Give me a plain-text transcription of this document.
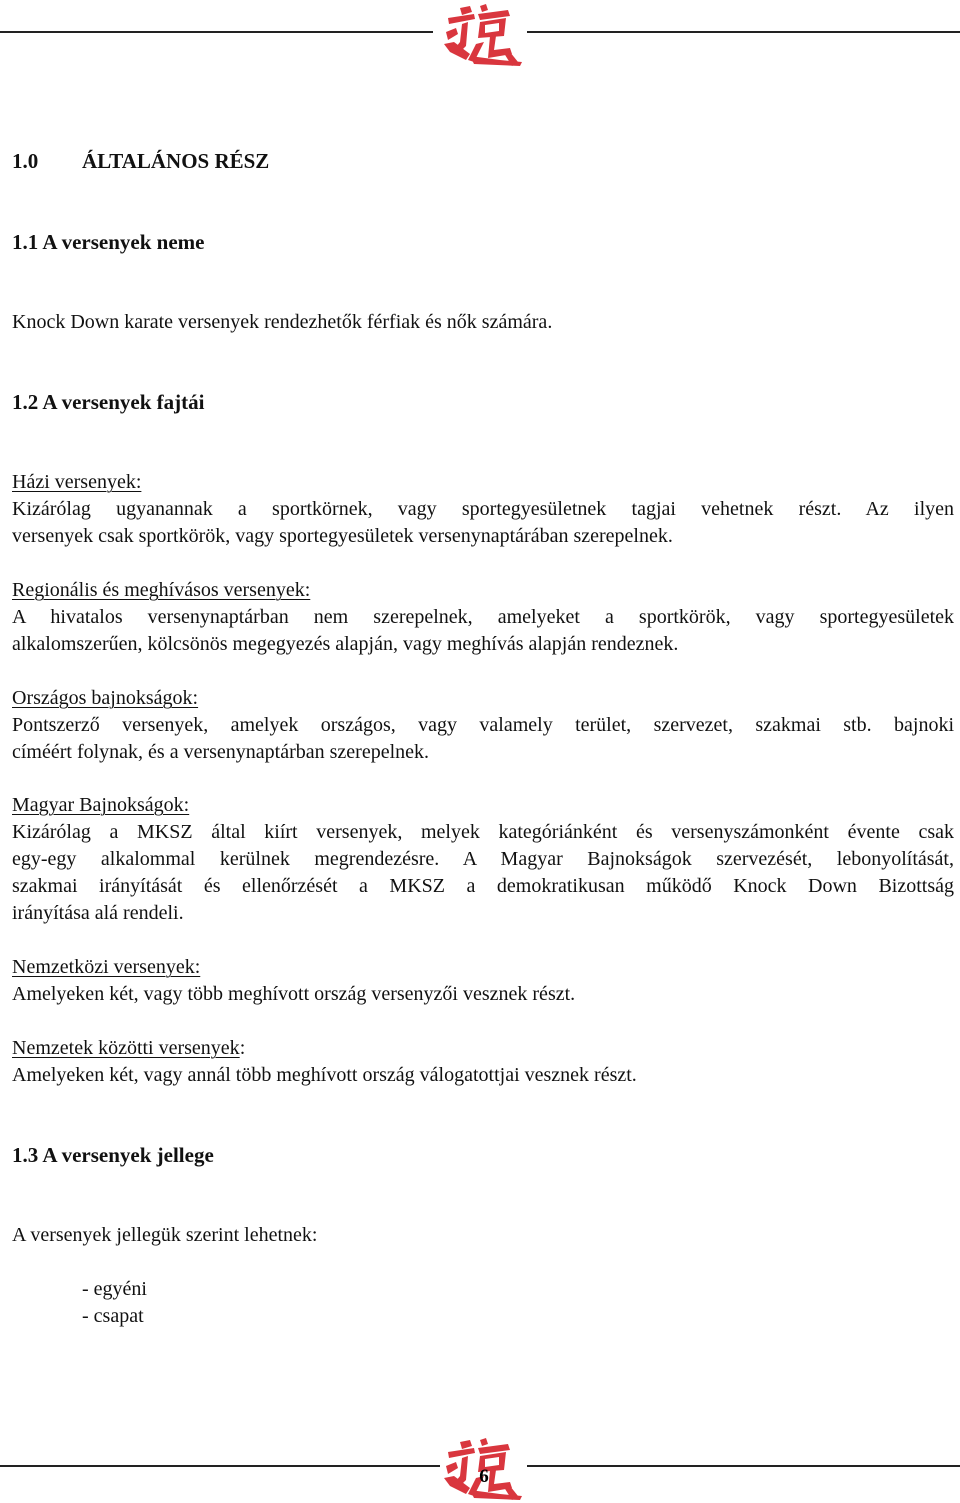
1.0 ÁLTALÁNOS RÉSZ
1.1 A versenyek neme
Knock Down karate versenyek rendezhetők férfiak és nők számára.
1.2 A versenyek fajtái
Házi versenyek:
Kizárólag ugyanannak a sportkörnek, vagy sportegyesületnek tagjai vehetnek részt. Az ilyen
versenyek csak sportkörök, vagy sportegyesületek versenynaptárában szerepelnek.
Regionális és meghívásos versenyek:
A hivatalos versenynaptárban nem szerepelnek, amelyeket a sportkörök, vagy sportegyesületek
alkalomszerűen, kölcsönös megegyezés alapján, vagy meghívás alapján rendeznek.
Országos bajnokságok:
Pontszerző versenyek, amelyek országos, vagy valamely terület, szervezet, szakmai stb. bajnoki
címéért folynak, és a versenynaptárban szerepelnek.
Magyar Bajnokságok:
Kizárólag a MKSZ által kiírt versenyek, melyek kategóriánként és versenyszámonként évente csak
egy-egy alkalommal kerülnek megrendezésre. A Magyar Bajnokságok szervezését, lebonyolítását,
szakmai irányítását és ellenőrzését a MKSZ a demokratikusan működő Knock Down Bizottság
irányítása alá rendeli.
Nemzetközi versenyek:
Amelyeken két, vagy több meghívott ország versenyzői vesznek részt.
Nemzetek közötti versenyek:
Amelyeken két, vagy annál több meghívott ország válogatottjai vesznek részt.
1.3 A versenyek jellege
A versenyek jellegük szerint lehetnek:
- egyéni
- csapat
6
